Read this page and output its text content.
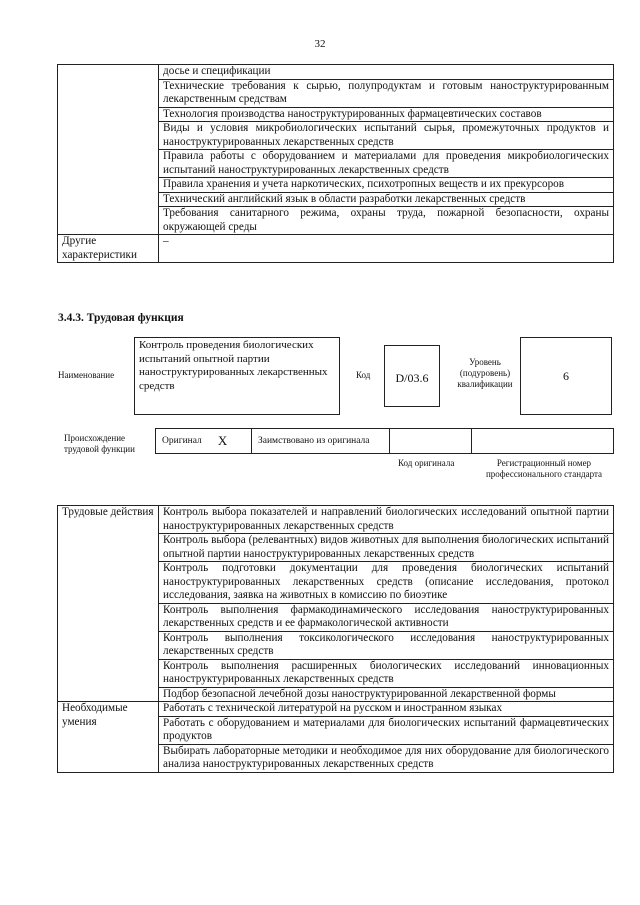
32
	досье и спецификации
	Технические требования к сырью, полупродуктам и готовым наноструктурированным лекарственным средствам
	Технология производства наноструктурированных фармацевтических составов
	Виды и условия микробиологических испытаний сырья, промежуточных продуктов и наноструктурированных лекарственных средств
	Правила работы с оборудованием и материалами для проведения микробиологических испытаний наноструктурированных лекарственных средств
	Правила хранения и учета наркотических, психотропных веществ и их прекурсоров
	Технический английский язык в области разработки лекарственных средств
	Требования санитарного режима, охраны труда, пожарной безопасности, охраны окружающей среды
Другие характеристики	–
3.4.3. Трудовая функция
Наименование
Контроль проведения биологических испытаний опытной партии наноструктурированных лекарственных средств
Код	D/03.6
Уровень (подуровень) квалификации
6
Происхождение трудовой функции
Оригинал X	Заимствовано из оригинала
Код оригинала	Регистрационный номер профессионального стандарта
Трудовые действия	Контроль выбора показателей и направлений биологических исследований опытной партии наноструктурированных лекарственных средств
	Контроль выбора (релевантных) видов животных для выполнения биологических испытаний опытной партии наноструктурированных лекарственных средств
	Контроль подготовки документации для проведения биологических испытаний наноструктурированных лекарственных средств (описание исследования, протокол исследования, заявка на животных в комиссию по биоэтике
	Контроль выполнения фармакодинамического исследования наноструктурированных лекарственных средств и ее фармакологической активности
	Контроль выполнения токсикологического исследования наноструктурированных лекарственных средств
	Контроль выполнения расширенных биологических исследований инновационных наноструктурированных лекарственных средств
	Подбор безопасной лечебной дозы наноструктурированной лекарственной формы
Необходимые умения	Работать с технической литературой на русском и иностранном языках
	Работать с оборудованием и материалами для биологических испытаний фармацевтических продуктов
	Выбирать лабораторные методики и необходимое для них оборудование для биологического анализа наноструктурированных лекарственных средств
